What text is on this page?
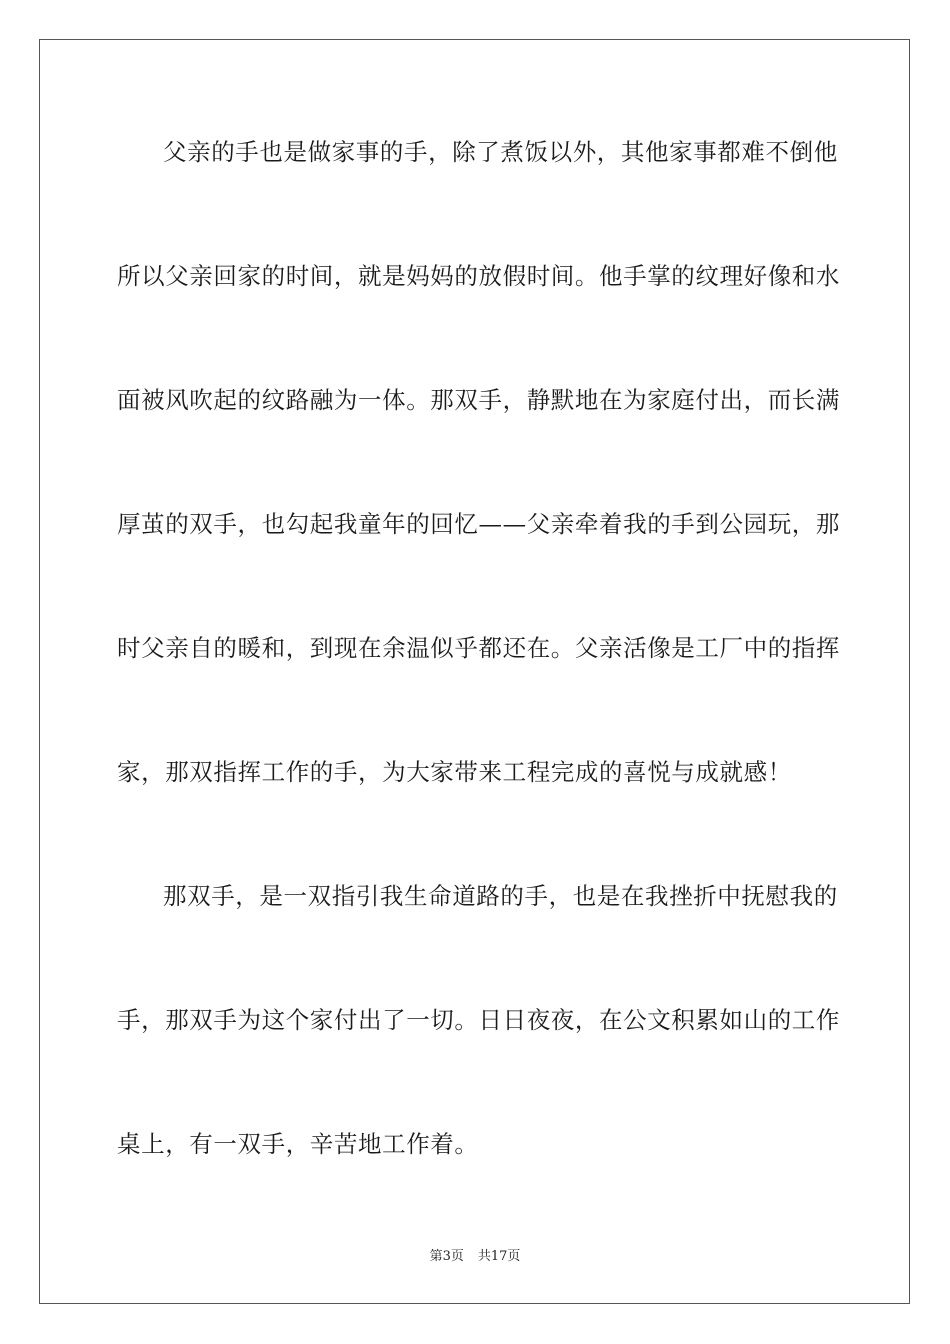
父亲的手也是做家事的手，除了煮饭以外，其他家事都难不倒他
所以父亲回家的时间，就是妈妈的放假时间。他手掌的纹理好像和水
面被风吹起的纹路融为一体。那双手，静默地在为家庭付出，而长满
厚茧的双手，也勾起我童年的回忆——父亲牵着我的手到公园玩，那
时父亲自的暖和，到现在余温似乎都还在。父亲活像是工厂中的指挥
家，那双指挥工作的手，为大家带来工程完成的喜悦与成就感！
那双手，是一双指引我生命道路的手，也是在我挫折中抚慰我的
手，那双手为这个家付出了一切。日日夜夜，在公文积累如山的工作
桌上，有一双手，辛苦地工作着。
第3页 共17页
